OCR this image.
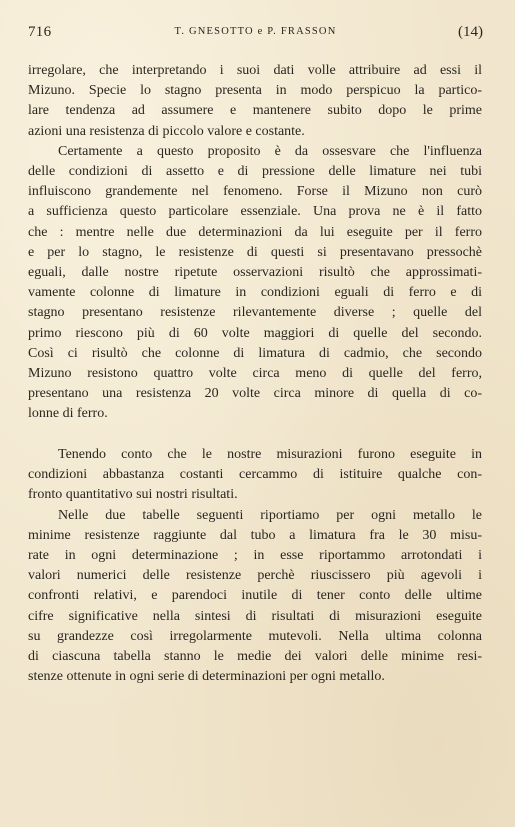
716	T. GNESOTTO e P. FRASSON	(14)

irregolare, che interpretando i suoi dati volle attribuire ad essi il
Mizuno. Specie lo stagno presenta in modo perspicuo la partico-
lare tendenza ad assumere e mantenere subito dopo le prime
azioni una resistenza di piccolo valore e costante.

Certamente a questo proposito è da ossesvare che l'influenza
delle condizioni di assetto e di pressione delle limature nei tubi
influiscono grandemente nel fenomeno. Forse il Mizuno non curò
a sufficienza questo particolare essenziale. Una prova ne è il fatto
che : mentre nelle due determinazioni da lui eseguite per il ferro
e per lo stagno, le resistenze di questi si presentavano pressochè
eguali, dalle nostre ripetute osservazioni risultò che approssimati-
vamente colonne di limature in condizioni eguali di ferro e di
stagno presentano resistenze rilevantemente diverse ; quelle del
primo riescono più di 60 volte maggiori di quelle del secondo.
Così ci risultò che colonne di limatura di cadmio, che secondo
Mizuno resistono quattro volte circa meno di quelle del ferro,
presentano una resistenza 20 volte circa minore di quella di co-
lonne di ferro.

Tenendo conto che le nostre misurazioni furono eseguite in
condizioni abbastanza costanti cercammo di istituire qualche con-
fronto quantitativo sui nostri risultati.

Nelle due tabelle seguenti riportiamo per ogni metallo le
minime resistenze raggiunte dal tubo a limatura fra le 30 misu-
rate in ogni determinazione ; in esse riportammo arrotondati i
valori numerici delle resistenze perchè riuscissero più agevoli i
confronti relativi, e parendoci inutile di tener conto delle ultime
cifre significative nella sintesi di risultati di misurazioni eseguite
su grandezze così irregolarmente mutevoli. Nella ultima colonna
di ciascuna tabella stanno le medie dei valori delle minime resi-
stenze ottenute in ogni serie di determinazioni per ogni metallo.
